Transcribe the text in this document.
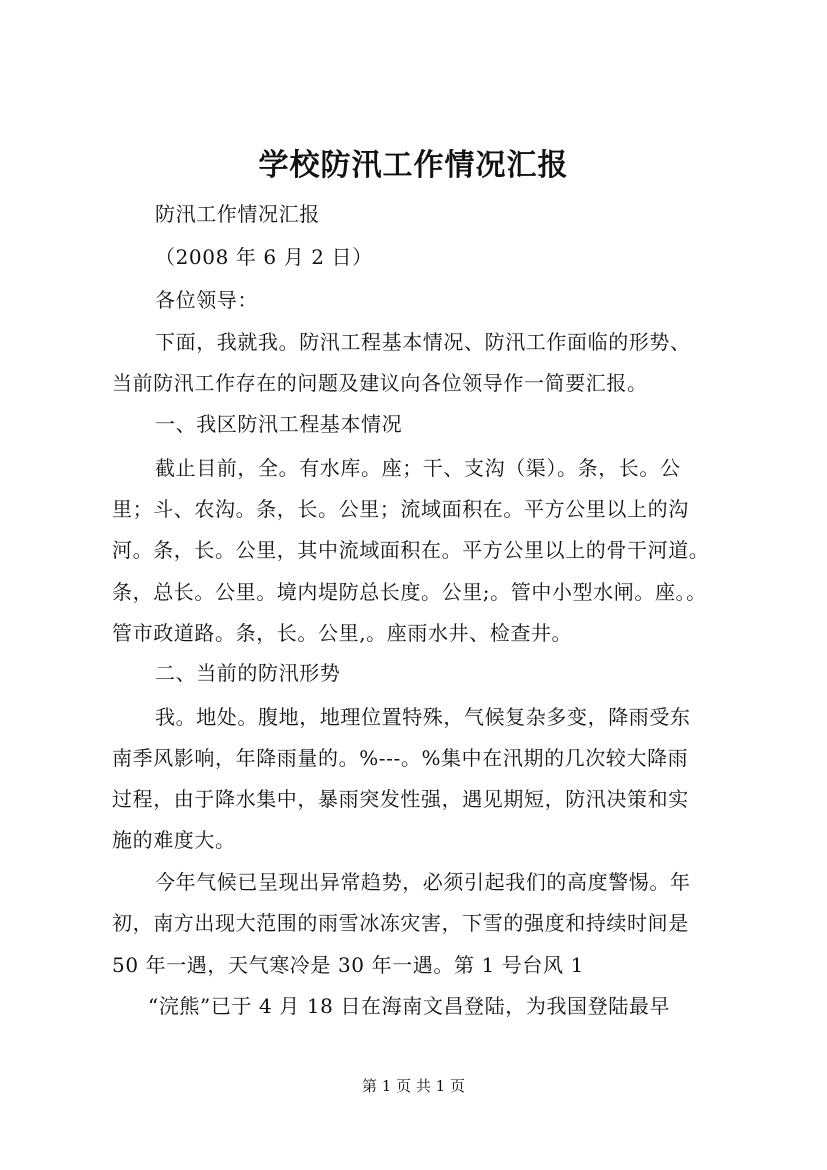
学校防汛工作情况汇报
防汛工作情况汇报
（2008 年 6 月 2 日）
各位领导：
下面，我就我。防汛工程基本情况、防汛工作面临的形势、
当前防汛工作存在的问题及建议向各位领导作一简要汇报。
一、我区防汛工程基本情况
截止目前，全。有水库。座；干、支沟（渠）。条，长。公
里；斗、农沟。条，长。公里；流域面积在。平方公里以上的沟
河。条，长。公里，其中流域面积在。平方公里以上的骨干河道。
条，总长。公里。境内堤防总长度。公里;。管中小型水闸。座。。
管市政道路。条，长。公里,。座雨水井、检查井。
二、当前的防汛形势
我。地处。腹地，地理位置特殊，气候复杂多变，降雨受东
南季风影响，年降雨量的。%---。%集中在汛期的几次较大降雨
过程，由于降水集中，暴雨突发性强，遇见期短，防汛决策和实
施的难度大。
今年气候已呈现出异常趋势，必须引起我们的高度警惕。年
初，南方出现大范围的雨雪冰冻灾害，下雪的强度和持续时间是
50 年一遇，天气寒冷是 30 年一遇。第 1 号台风 1
“浣熊”已于 4 月 18 日在海南文昌登陆，为我国登陆最早
第 1 页 共 1 页
